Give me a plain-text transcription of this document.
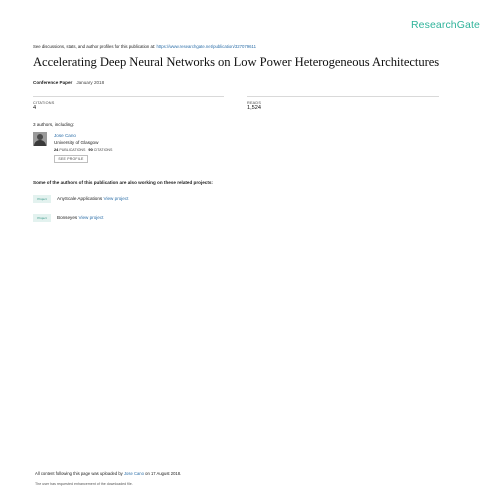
ResearchGate
See discussions, stats, and author profiles for this publication at: https://www.researchgate.net/publication/327079611
Accelerating Deep Neural Networks on Low Power Heterogeneous Architectures
Conference Paper January 2018
CITATIONS
4
READS
1,524
3 authors, including:
Jose Cano
University of Glasgow
24 PUBLICATIONS 90 CITATIONS
SEE PROFILE
Some of the authors of this publication are also working on these related projects:
Project	AnyScale Applications View project
Project	Bonseyes View project
All content following this page was uploaded by Jose Cano on 17 August 2018.
The user has requested enhancement of the downloaded file.
